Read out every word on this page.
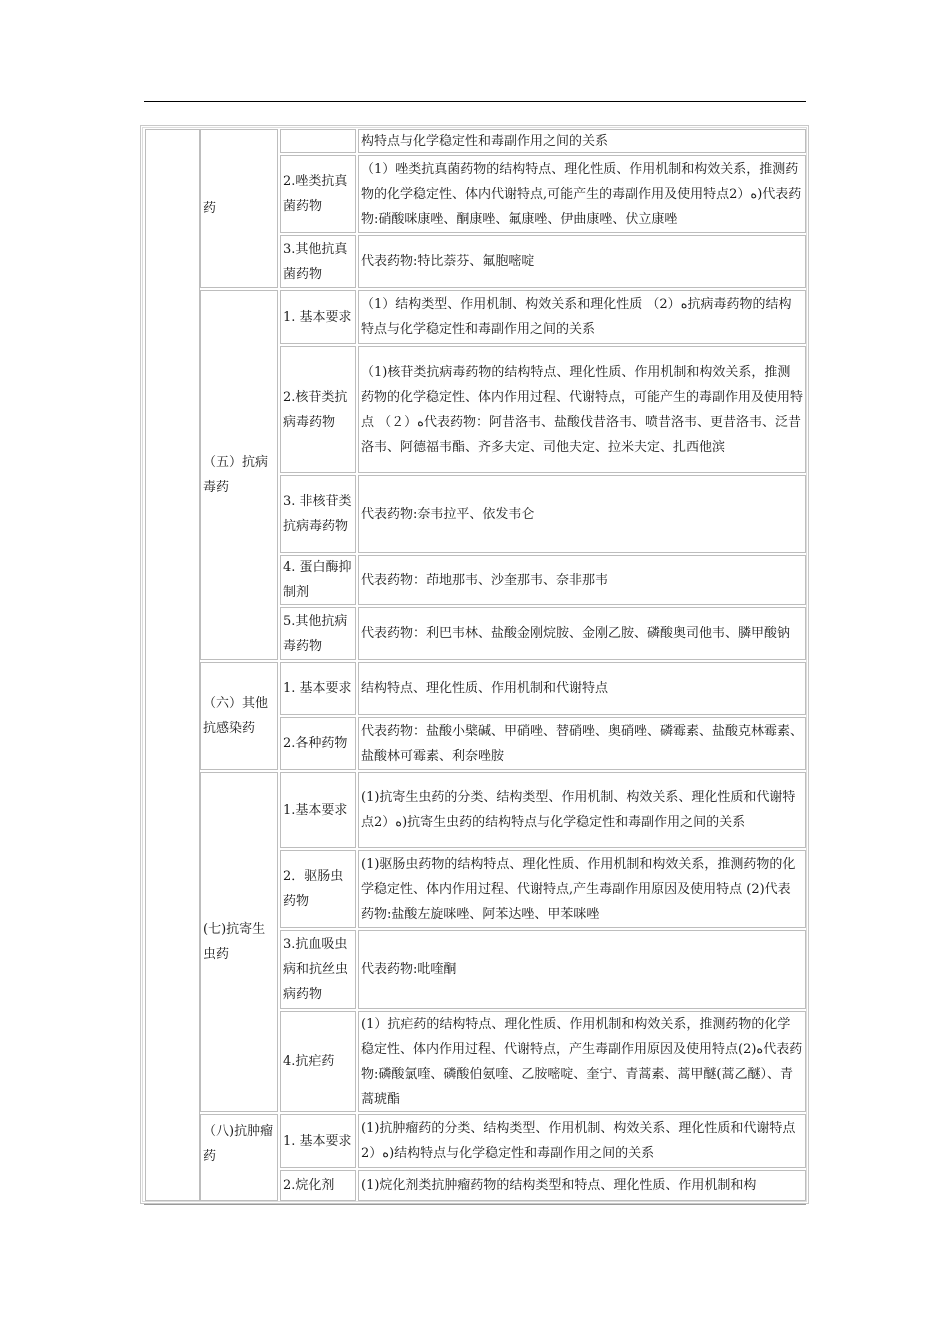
药
（五）抗病毒药
（六）其他抗感染药
(七)抗寄生虫药
（八)抗肿瘤药
构特点与化学稳定性和毒副作用之间的关系
2.唑类抗真菌药物
（1）唑类抗真菌药物的结构特点、理化性质、作用机制和构效关系，推测药物的化学稳定性、体内代谢特点,可能产生的毒副作用及使用特点2）ه)代表药物:硝酸咪康唑、酮康唑、氟康唑、伊曲康唑、伏立康唑
3.其他抗真菌药物
代表药物:特比萘芬、氟胞嘧啶
1. 基本要求
（1）结构类型、作用机制、构效关系和理化性质 （2）ه抗病毒药物的结构特点与化学稳定性和毒副作用之间的关系
2.核苷类抗病毒药物
（1)核苷类抗病毒药物的结构特点、理化性质、作用机制和构效关系，推测药物的化学稳定性、体内作用过程、代谢特点，可能产生的毒副作用及使用特点 （２）ه代表药物：阿昔洛韦、盐酸伐昔洛韦、喷昔洛韦、更昔洛韦、泛昔洛韦、阿德福韦酯、齐多夫定、司他夫定、拉米夫定、扎西他滨
3. 非核苷类抗病毒药物
代表药物:奈韦拉平、依发韦仑
4. 蛋白酶抑制剂
代表药物：茚地那韦、沙奎那韦、奈非那韦
5.其他抗病毒药物
代表药物：利巴韦林、盐酸金刚烷胺、金刚乙胺、磷酸奥司他韦、膦甲酸钠
1. 基本要求 结构特点、理化性质、作用机制和代谢特点
2.各种药物
代表药物：盐酸小檗碱、甲硝唑、替硝唑、奥硝唑、磷霉素、盐酸克林霉素、盐酸林可霉素、利奈唑胺
1.基本要求
(1)抗寄生虫药的分类、结构类型、作用机制、构效关系、理化性质和代谢特点2）ه)抗寄生虫药的结构特点与化学稳定性和毒副作用之间的关系
2．驱肠虫药物
(1)驱肠虫药物的结构特点、理化性质、作用机制和构效关系，推测药物的化学稳定性、体内作用过程、代谢特点,产生毒副作用原因及使用特点 (2)代表药物:盐酸左旋咪唑、阿苯达唑、甲苯咪唑
3.抗血吸虫病和抗丝虫病药物
代表药物:吡喹酮
4.抗疟药
(1）抗疟药的结构特点、理化性质、作用机制和构效关系，推测药物的化学稳定性、体内作用过程、代谢特点，产生毒副作用原因及使用特点(2)ه代表药物:磷酸氯喹、磷酸伯氨喹、乙胺嘧啶、奎宁、青蒿素、蒿甲醚(蒿乙醚）、青蒿琥酯
1. 基本要求
(1)抗肿瘤药的分类、结构类型、作用机制、构效关系、理化性质和代谢特点2）ه)结构特点与化学稳定性和毒副作用之间的关系
2.烷化剂	(1)烷化剂类抗肿瘤药物的结构类型和特点、理化性质、作用机制和构
